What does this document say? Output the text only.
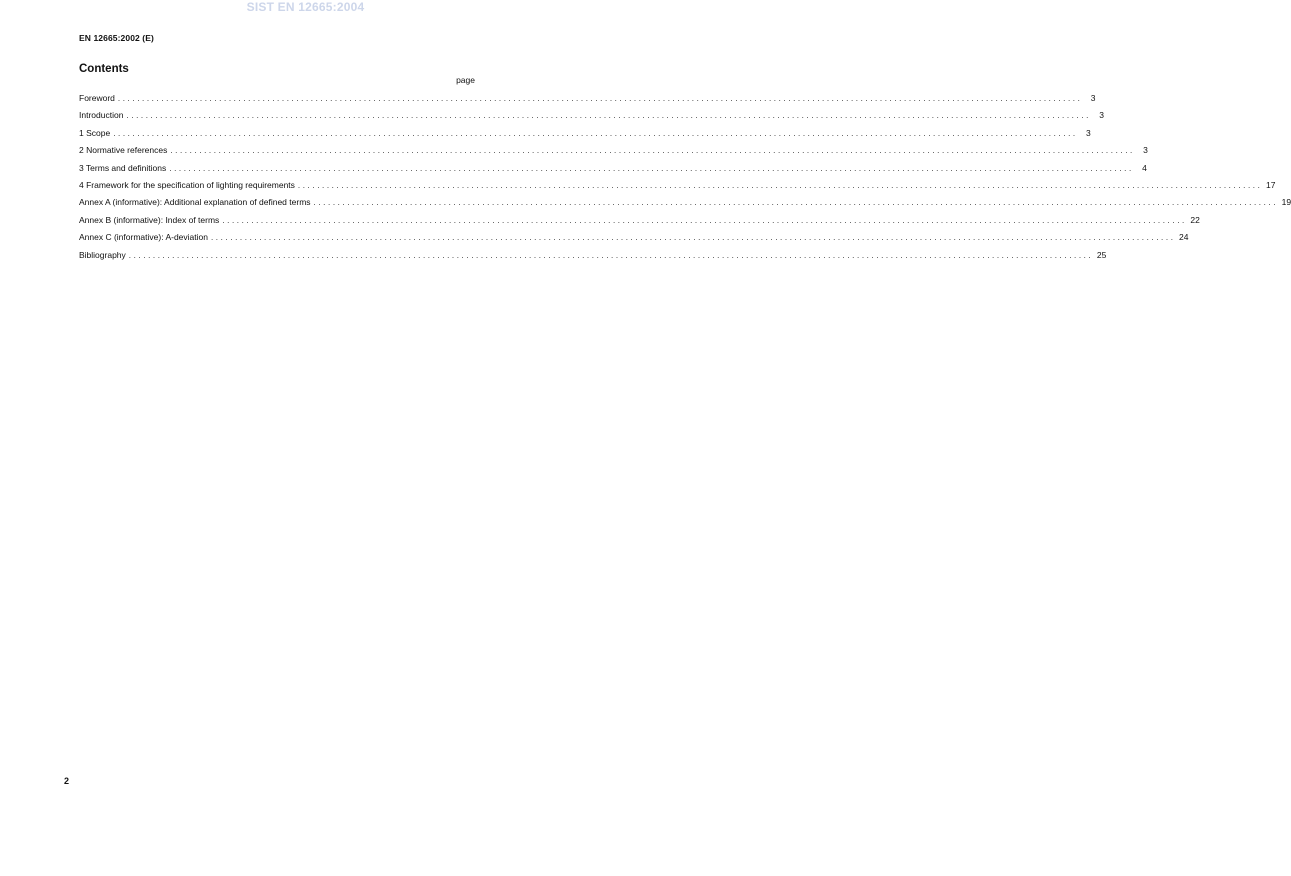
SIST EN 12665:2004
EN 12665:2002 (E)
Contents
page
Foreword ........................................................................................................................................................................................................ 3
Introduction ........................................................................................................................................................................................................ 3
1 Scope ........................................................................................................................................................................................................ 3
2 Normative references ........................................................................................................................................................................................................ 3
3 Terms and definitions ........................................................................................................................................................................................................ 4
4 Framework for the specification of lighting requirements ........................................................................................................................................................................................................ 17
Annex A (informative): Additional explanation of defined terms ........................................................................................................................................................................................................ 19
Annex B (informative): Index of terms ........................................................................................................................................................................................................ 22
Annex C (informative): A-deviation ........................................................................................................................................................................................................ 24
Bibliography ........................................................................................................................................................................................................ 25
2
